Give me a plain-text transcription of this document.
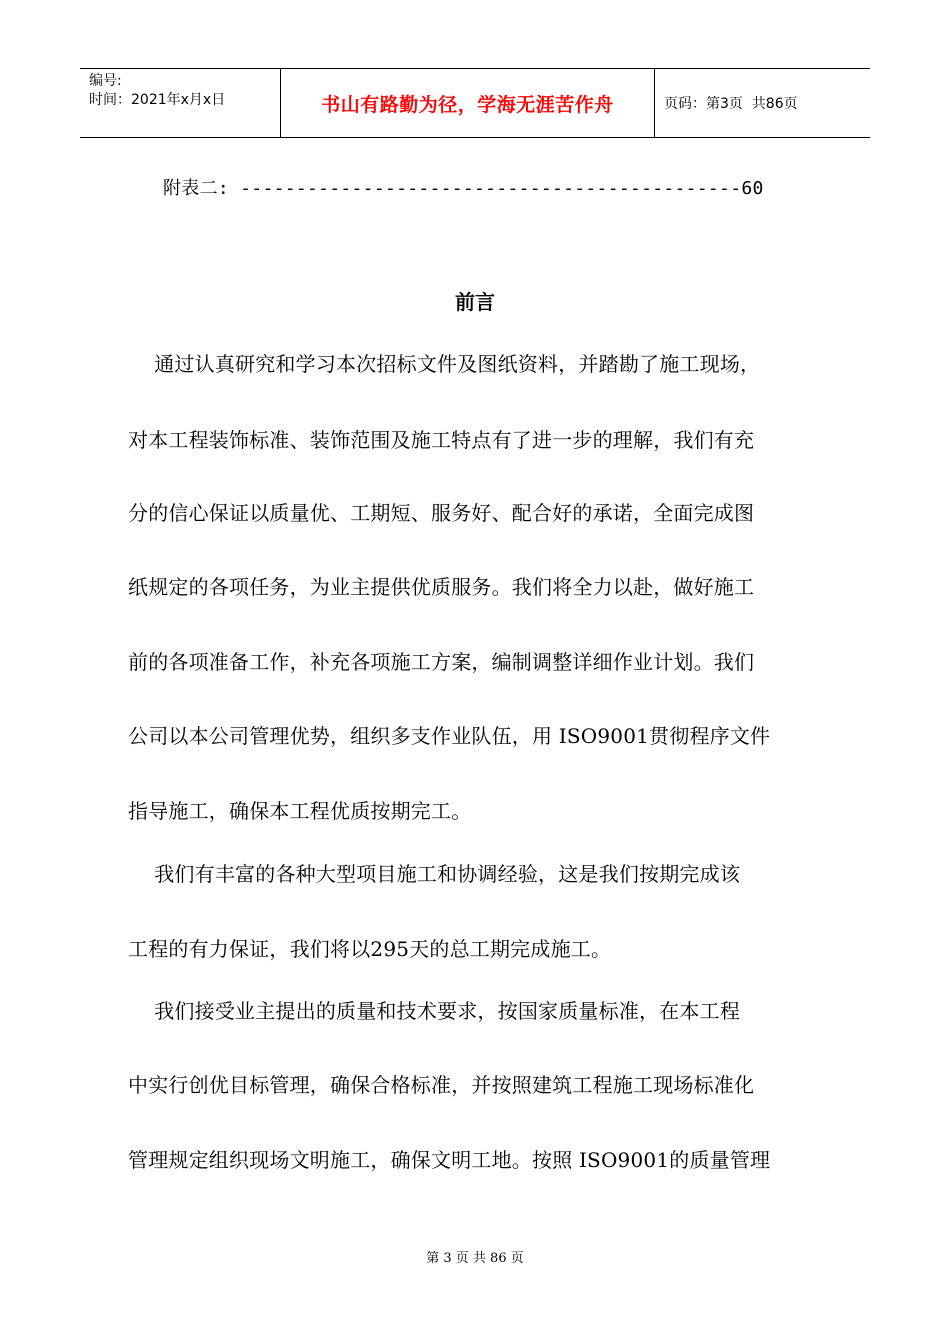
编号:
时间：2021年x月x日	书山有路勤为径，学海无涯苦作舟	页码：第3页  共86页
附表二: ---------------------------------------------60
前言
通过认真研究和学习本次招标文件及图纸资料，并踏勘了施工现场，
对本工程装饰标准、装饰范围及施工特点有了进一步的理解，我们有充
分的信心保证以质量优、工期短、服务好、配合好的承诺，全面完成图
纸规定的各项任务，为业主提供优质服务。我们将全力以赴，做好施工
前的各项准备工作，补充各项施工方案，编制调整详细作业计划。我们
公司以本公司管理优势，组织多支作业队伍，用 ISO9001贯彻程序文件
指导施工，确保本工程优质按期完工。
我们有丰富的各种大型项目施工和协调经验，这是我们按期完成该
工程的有力保证，我们将以295天的总工期完成施工。
我们接受业主提出的质量和技术要求，按国家质量标准，在本工程
中实行创优目标管理，确保合格标准，并按照建筑工程施工现场标准化
管理规定组织现场文明施工，确保文明工地。按照 ISO9001的质量管理
第 3 页 共 86 页
